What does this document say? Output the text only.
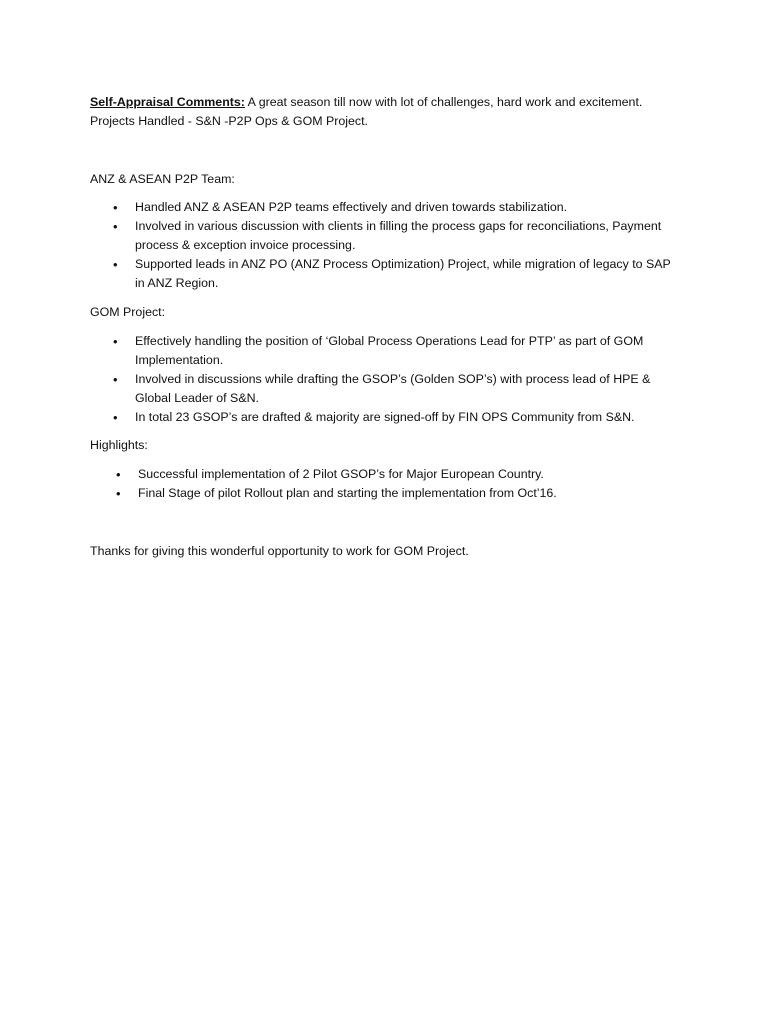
Self-Appraisal Comments: A great season till now with lot of challenges, hard work and excitement.
Projects Handled - S&N -P2P Ops & GOM Project.
ANZ & ASEAN P2P Team:
• Handled ANZ & ASEAN P2P teams effectively and driven towards stabilization.
• Involved in various discussion with clients in filling the process gaps for reconciliations, Payment process & exception invoice processing.
• Supported leads in ANZ PO (ANZ Process Optimization) Project, while migration of legacy to SAP in ANZ Region.
GOM Project:
• Effectively handling the position of ‘Global Process Operations Lead for PTP’ as part of GOM Implementation.
• Involved in discussions while drafting the GSOP’s (Golden SOP’s) with process lead of HPE & Global Leader of S&N.
• In total 23 GSOP’s are drafted & majority are signed-off by FIN OPS Community from S&N.
Highlights:
• Successful implementation of 2 Pilot GSOP’s for Major European Country.
• Final Stage of pilot Rollout plan and starting the implementation from Oct’16.
Thanks for giving this wonderful opportunity to work for GOM Project.
